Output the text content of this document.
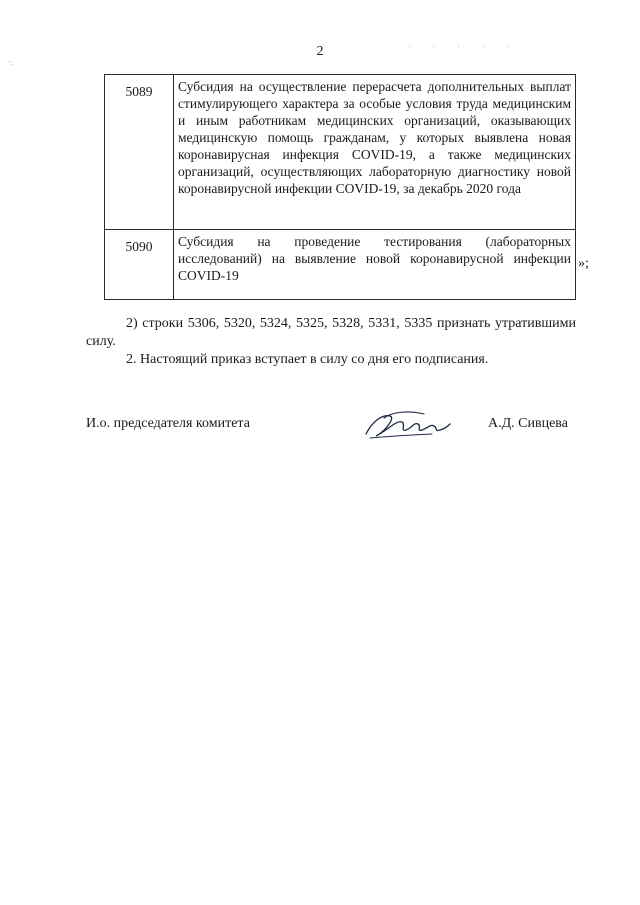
2	· · · · ·
·:
5089	Субсидия на осуществление перерасчета дополнительных выплат стимулирующего характера за особые условия труда медицинским и иным работникам медицинских организаций, оказывающих медицинскую помощь гражданам, у которых выявлена новая коронавирусная инфекция COVID-19, а также медицинских организаций, осуществляющих лабораторную диагностику новой коронавирусной инфекции COVID-19, за декабрь 2020 года
5090	Субсидия на проведение тестирования (лабораторных исследований) на выявление новой коронавирусной инфекции COVID-19
»;
2) строки 5306, 5320, 5324, 5325, 5328, 5331, 5335 признать утратившими силу.
2. Настоящий приказ вступает в силу со дня его подписания.
И.о. председателя комитета	А.Д. Сивцева
